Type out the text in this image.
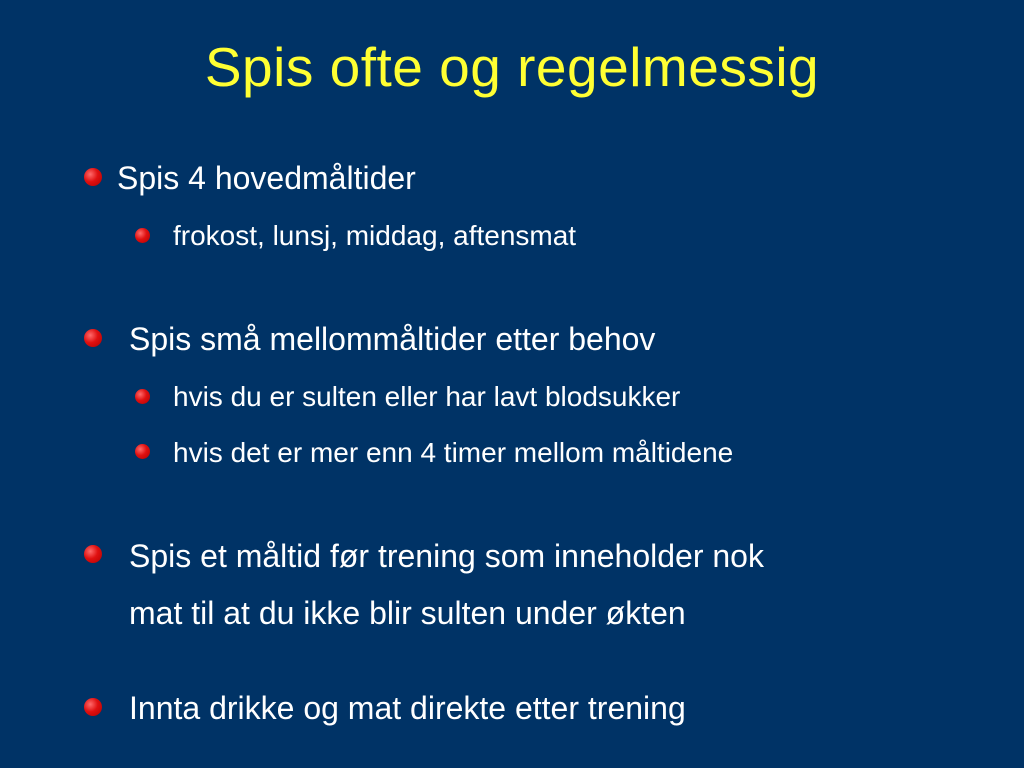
Spis ofte og regelmessig
Spis 4 hovedmåltider
frokost, lunsj, middag, aftensmat
Spis små mellommåltider etter behov
hvis du er sulten eller har lavt blodsukker
hvis det er mer enn 4 timer mellom måltidene
Spis et måltid før trening som inneholder nok
mat til at du ikke blir sulten under økten
Innta drikke og mat direkte etter trening
